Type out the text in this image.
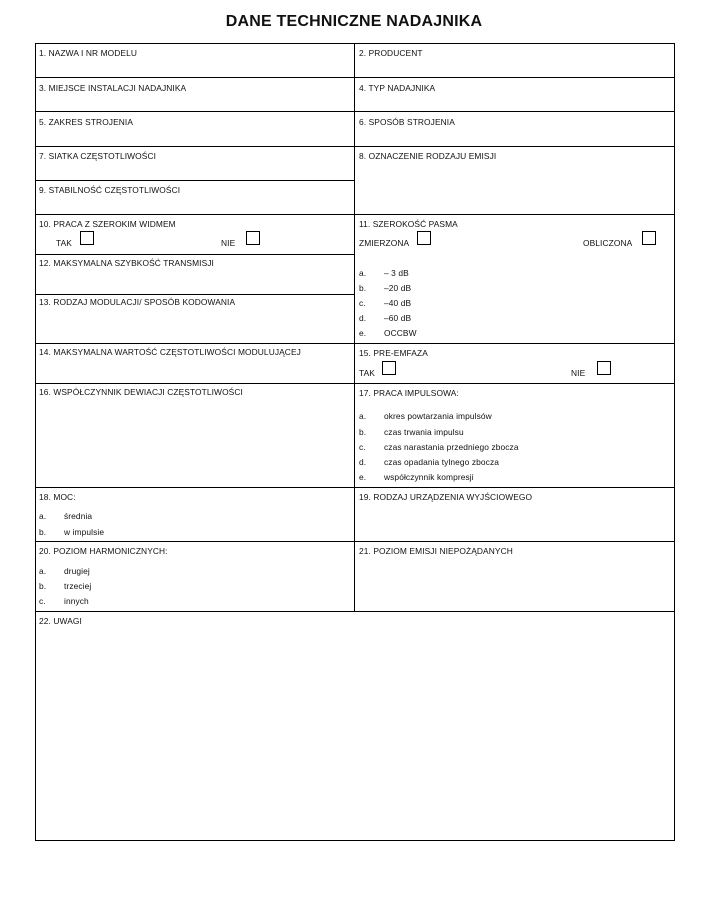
DANE TECHNICZNE NADAJNIKA
1. NAZWA I NR MODELU	2. PRODUCENT
3. MIEJSCE INSTALACJI NADAJNIKA	4. TYP NADAJNIKA
5. ZAKRES STROJENIA	6. SPOSÓB STROJENIA
7. SIATKA CZĘSTOTLIWOŚCI	8. OZNACZENIE RODZAJU EMISJI
9. STABILNOŚĆ CZĘSTOTLIWOŚCI
10. PRACA Z SZEROKIM WIDMEM
TAK	NIE
11. SZEROKOŚĆ PASMA
ZMIERZONA	OBLICZONA
a. – 3 dB
b. –20 dB
c. –40 dB
d. –60 dB
e. OCCBW
12. MAKSYMALNA SZYBKOŚĆ TRANSMISJI
13. RODZAJ MODULACJI/ SPOSÓB KODOWANIA
14. MAKSYMALNA WARTOŚĆ CZĘSTOTLIWOŚCI MODULUJĄCEJ	15. PRE-EMFAZA
TAK	NIE
16. WSPÓŁCZYNNIK DEWIACJI CZĘSTOTLIWOŚCI	17. PRACA IMPULSOWA:
a. okres powtarzania impulsów
b. czas trwania impulsu
c. czas narastania przedniego zbocza
d. czas opadania tylnego zbocza
e. współczynnik kompresji
18. MOC:
a. średnia
b. w impulsie
19. RODZAJ URZĄDZENIA WYJŚCIOWEGO
20. POZIOM HARMONICZNYCH:
a. drugiej
b. trzeciej
c. innych
21. POZIOM EMISJI NIEPOŻĄDANYCH
22. UWAGI
